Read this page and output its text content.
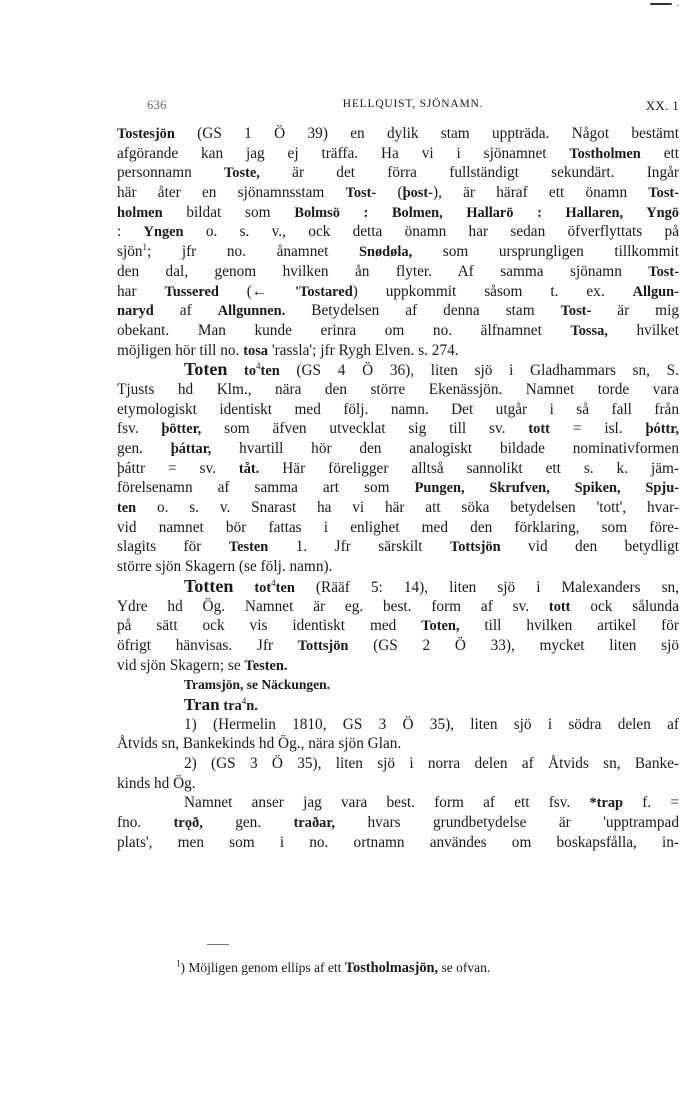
·
636	HELLQUIST, SJÖNAMN.	XX. 1
Tostesjön (GS 1 Ö 39) en dylik stam uppträda. Något bestämt
afgörande kan jag ej träffa. Ha vi i sjönamnet Tostholmen ett
personnamn Toste, är det förra fullständigt sekundärt. Ingår
här åter en sjönamnsstam Tost- (þost-), är häraf ett önamn Tost-
holmen bildat som Bolmsö : Bolmen, Hallarö : Hallaren, Yngö
: Yngen o. s. v., ock detta önamn har sedan öfverflyttats på
sjön$^1$; jfr no. ånamnet Snødøla, som ursprungligen tillkommit
den dal, genom hvilken ån flyter. Af samma sjönamn Tost-
har Tussered (← 'Tostared) uppkommit såsom t. ex. Allgun-
naryd af Allgunnen. Betydelsen af denna stam Tost- är mig
obekant. Man kunde erinra om no. älfnamnet Tossa, hvilket
möjligen hör till no. tosa 'rassla'; jfr Rygh Elven. s. 274.
Toten $to^4ten$ (GS 4 Ö 36), liten sjö i Gladhammars sn, S.
Tjusts hd Klm., nära den större Ekenässjön. Namnet torde vara
etymologiskt identiskt med följ. namn. Det utgår i så fall från
fsv. þötter, som äfven utvecklat sig till sv. tott = isl. þóttr,
gen. þáttar, hvartill hör den analogiskt bildade nominativformen
þáttr = sv. tåt. Här föreligger alltså sannolikt ett s. k. jäm-
förelsenamn af samma art som Pungen, Skrufven, Spiken, Spju-
ten o. s. v. Snarast ha vi här att söka betydelsen 'tott', hvar-
vid namnet bör fattas i enlighet med den förklaring, som före-
slagits för Testen 1. Jfr särskilt Tottsjön vid den betydligt
större sjön Skagern (se följ. namn).
Totten tot$^4$ten (Rääf 5: 14), liten sjö i Malexanders sn,
Ydre hd Ög. Namnet är eg. best. form af sv. tott ock sålunda
på sätt ock vis identiskt med Toten, till hvilken artikel för
öfrigt hänvisas. Jfr Tottsjön (GS 2 Ö 33), mycket liten sjö
vid sjön Skagern; se Testen.
Tramsjön, se Näckungen.
Tran tra$^4$n.
1) (Hermelin 1810, GS 3 Ö 35), liten sjö i södra delen af
Åtvids sn, Bankekinds hd Ög., nära sjön Glan.
2) (GS 3 Ö 35), liten sjö i norra delen af Åtvids sn, Banke-
kinds hd Ög.
Namnet anser jag vara best. form af ett fsv. *trap f. =
fno. trǫð, gen. traðar, hvars grundbetydelse är 'upptrampad
plats', men som i no. ortnamn användes om boskapsfålla, in-
$^1$) Möjligen genom ellips af ett Tostholmasjön, se ofvan.
